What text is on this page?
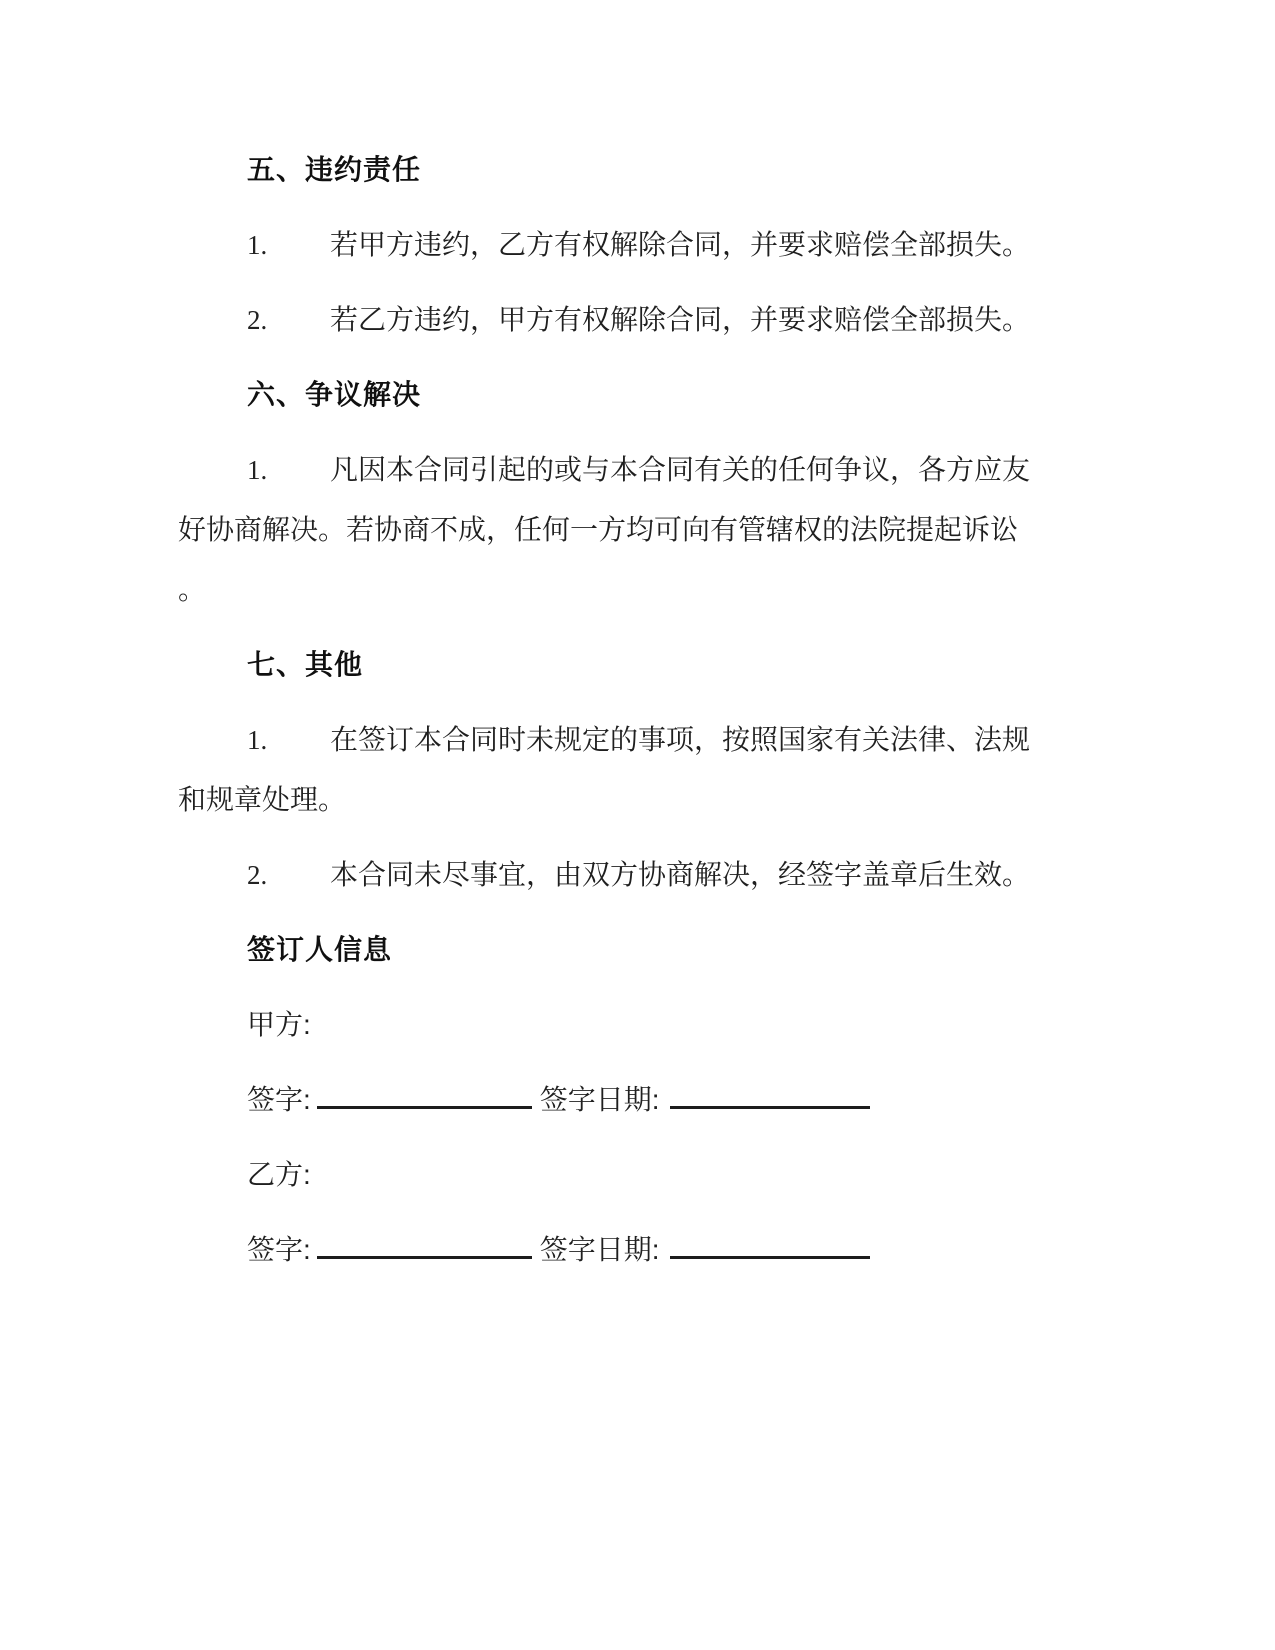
五、违约责任
1. 若甲方违约，乙方有权解除合同，并要求赔偿全部损失。
2. 若乙方违约，甲方有权解除合同，并要求赔偿全部损失。
六、争议解决
1. 凡因本合同引起的或与本合同有关的任何争议，各方应友
好协商解决。若协商不成，任何一方均可向有管辖权的法院提起诉讼
。
七、其他
1. 在签订本合同时未规定的事项，按照国家有关法律、法规
和规章处理。
2. 本合同未尽事宜，由双方协商解决，经签字盖章后生效。
签订人信息
甲方:
签字:	签字日期:
乙方:
签字:	签字日期:
